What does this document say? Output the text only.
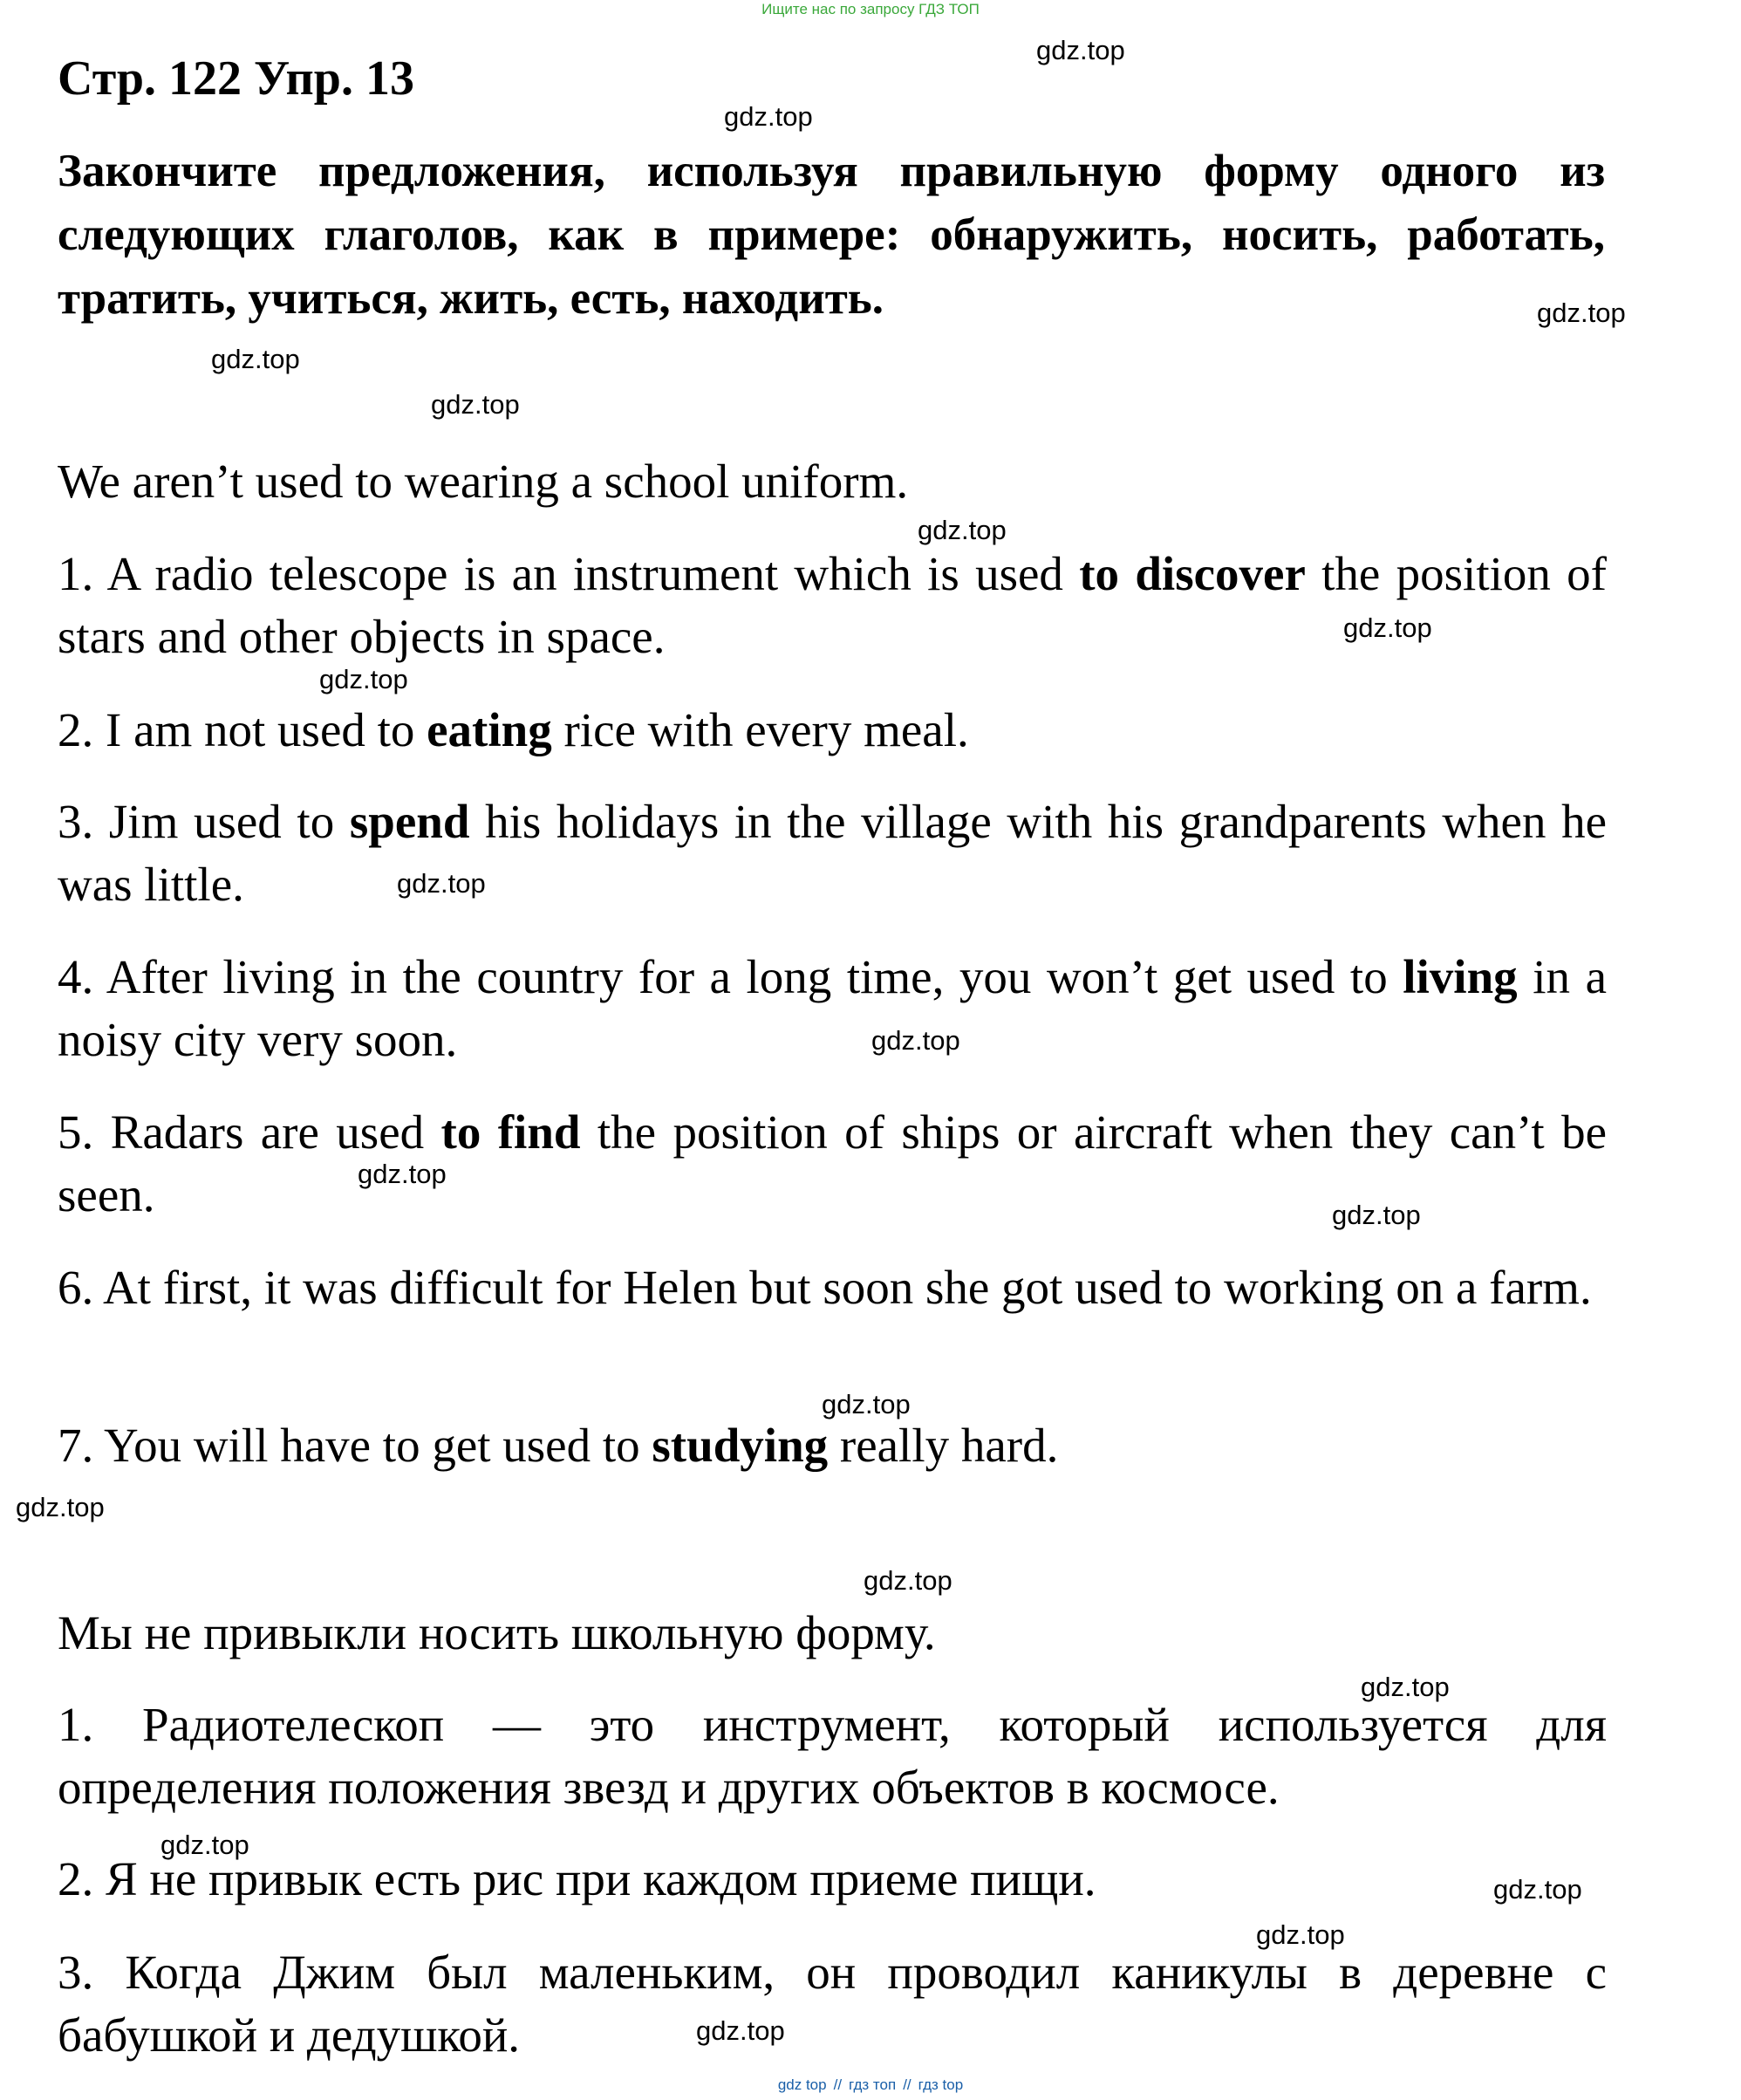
Ищите нас по запросу ГДЗ ТОП
Стр. 122 Упр. 13
Закончите предложения, используя правильную форму одного из следующих глаголов, как в примере: обнаружить, носить, работать, тратить, учиться, жить, есть, находить.
We aren’t used to wearing a school uniform.
1. A radio telescope is an instrument which is used to discover the position of stars and other objects in space.
2. I am not used to eating rice with every meal.
3. Jim used to spend his holidays in the village with his grandparents when he was little.
4. After living in the country for a long time, you won’t get used to living in a noisy city very soon.
5. Radars are used to find the position of ships or aircraft when they can’t be seen.
6. At first, it was difficult for Helen but soon she got used to working on a farm.
7. You will have to get used to studying really hard.
Мы не привыкли носить школьную форму.
1. Радиотелескоп — это инструмент, который используется для определения положения звезд и других объектов в космосе.
2. Я не привык есть рис при каждом приеме пищи.
3. Когда Джим был маленьким, он проводил каникулы в деревне с бабушкой и дедушкой.
gdz.top
gdz.top
gdz.top
gdz.top
gdz.top
gdz.top
gdz.top
gdz.top
gdz.top
gdz.top
gdz.top
gdz.top
gdz.top
gdz.top
gdz.top
gdz.top
gdz.top
gdz.top
gdz.top
gdz.top
gdz top // гдз топ // гдз top
